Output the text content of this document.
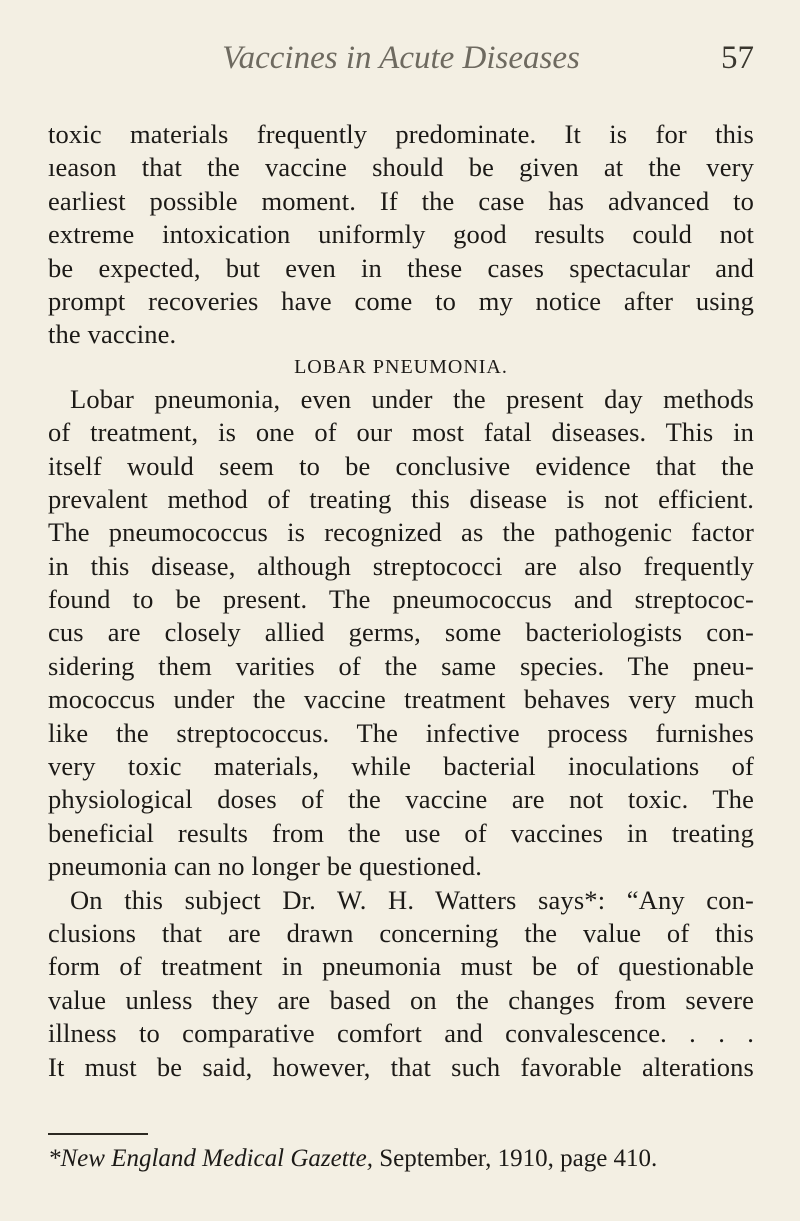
Vaccines in Acute Diseases	57
toxic materials frequently predominate. It is for this
ıeason that the vaccine should be given at the very
earliest possible moment. If the case has advanced to
extreme intoxication uniformly good results could not
be expected, but even in these cases spectacular and
prompt recoveries have come to my notice after using
the vaccine.
LOBAR PNEUMONIA.
Lobar pneumonia, even under the present day methods
of treatment, is one of our most fatal diseases. This in
itself would seem to be conclusive evidence that the
prevalent method of treating this disease is not efficient.
The pneumococcus is recognized as the pathogenic factor
in this disease, although streptococci are also frequently
found to be present. The pneumococcus and streptococ-
cus are closely allied germs, some bacteriologists con-
sidering them varities of the same species. The pneu-
mococcus under the vaccine treatment behaves very much
like the streptococcus. The infective process furnishes
very toxic materials, while bacterial inoculations of
physiological doses of the vaccine are not toxic. The
beneficial results from the use of vaccines in treating
pneumonia can no longer be questioned.
On this subject Dr. W. H. Watters says*: “Any con-
clusions that are drawn concerning the value of this
form of treatment in pneumonia must be of questionable
value unless they are based on the changes from severe
illness to comparative comfort and convalescence. . . .
It must be said, however, that such favorable alterations
*New England Medical Gazette, September, 1910, page 410.
